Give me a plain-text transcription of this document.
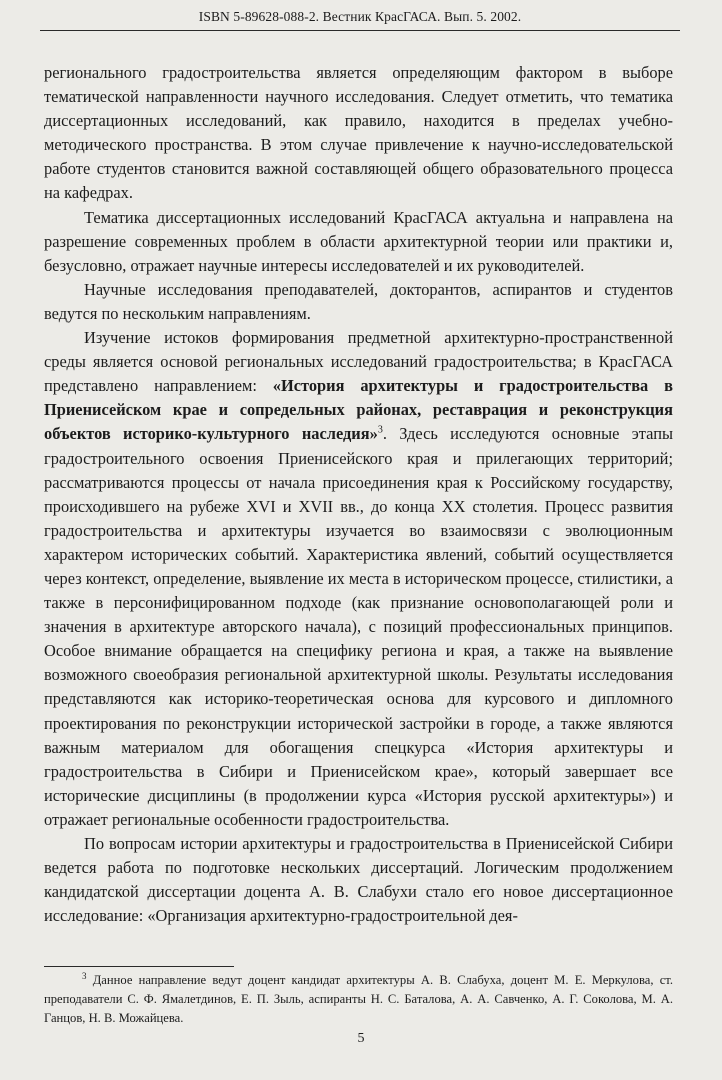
ISBN 5-89628-088-2. Вестник КрасГАСА. Вып. 5. 2002.

регионального градостроительства является определяющим фактором в выборе тематической направленности научного исследования. Следует отметить, что тематика диссертационных исследований, как правило, находится в пределах учебно-методического пространства. В этом случае привлечение к научно-исследовательской работе студентов становится важной составляющей общего образовательного процесса на кафедрах.

Тематика диссертационных исследований КрасГАСА актуальна и направлена на разрешение современных проблем в области архитектурной теории или практики и, безусловно, отражает научные интересы исследователей и их руководителей.

Научные исследования преподавателей, докторантов, аспирантов и студентов ведутся по нескольким направлениям.

Изучение истоков формирования предметной архитектурно-пространственной среды является основой региональных исследований градостроительства; в КрасГАСА представлено направлением: «История архитектуры и градостроительства в Приенисейском крае и сопредельных районах, реставрация и реконструкция объектов историко-культурного наследия»$^3$. Здесь исследуются основные этапы градостроительного освоения Приенисейского края и прилегающих территорий; рассматриваются процессы от начала присоединения края к Российскому государству, происходившего на рубеже XVI и XVII вв., до конца XX столетия. Процесс развития градостроительства и архитектуры изучается во взаимосвязи с эволюционным характером исторических событий. Характеристика явлений, событий осуществляется через контекст, определение, выявление их места в историческом процессе, стилистики, а также в персонифицированном подходе (как признание основополагающей роли и значения в архитектуре авторского начала), с позиций профессиональных принципов. Особое внимание обращается на специфику региона и края, а также на выявление возможного своеобразия региональной архитектурной школы. Результаты исследования представляются как историко-теоретическая основа для курсового и дипломного проектирования по реконструкции исторической застройки в городе, а также являются важным материалом для обогащения спецкурса «История архитектуры и градостроительства в Сибири и Приенисейском крае», который завершает все исторические дисциплины (в продолжении курса «История русской архитектуры») и отражает региональные особенности градостроительства.

По вопросам истории архитектуры и градостроительства в Приенисейской Сибири ведется работа по подготовке нескольких диссертаций. Логическим продолжением кандидатской диссертации доцента А. В. Слабухи стало его новое диссертационное исследование: «Организация архитектурно-градостроительной дея-

$^3$ Данное направление ведут доцент кандидат архитектуры А. В. Слабуха, доцент М. Е. Меркулова, ст. преподаватели С. Ф. Ямалетдинов, Е. П. Зыль, аспиранты Н. С. Баталова, А. А. Савченко, А. Г. Соколова, М. А. Ганцов, Н. В. Можайцева.
5
